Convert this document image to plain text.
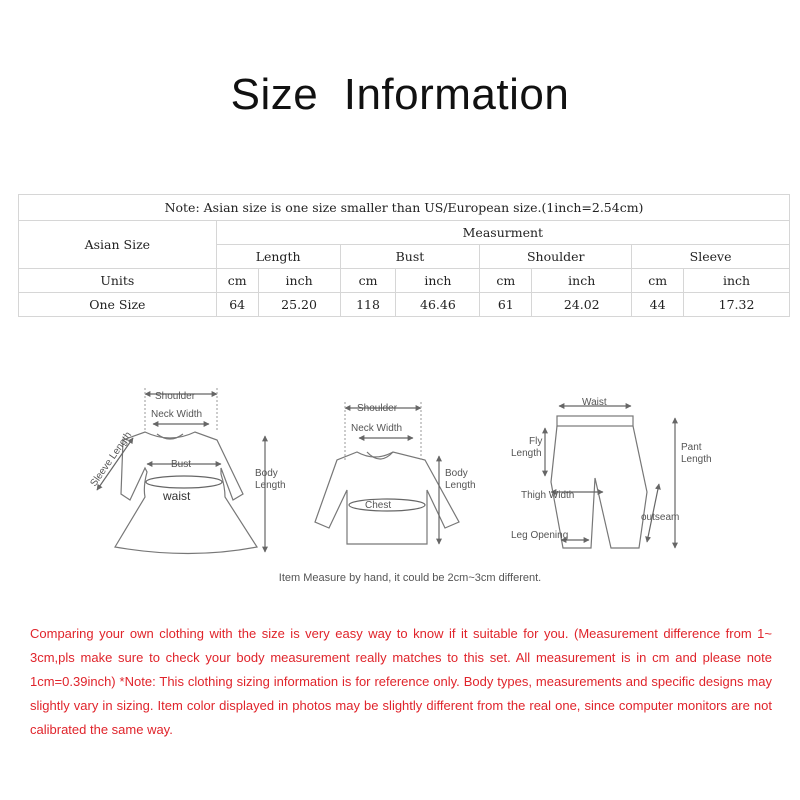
Size  Information
Note: Asian size is one size smaller than US/European size.(1inch=2.54cm)								
Asian Size	Measurment							
	Length		Bust		Shoulder		Sleeve	
Units	cm	inch	cm	inch	cm	inch	cm	inch
One Size	64	25.20	118	46.46	61	24.02	44	17.32
Shoulder
Neck Width
Sleeve Length	Bust
waist
Body
Length
Shoulder
Neck Width
Chest
Body
Length
Waist
Fly
Length
Pant
Length
Thigh Width
outseam
Leg Opening
Item Measure by hand, it could be 2cm~3cm different.
Comparing your own clothing with the size is very easy way to know if it suitable for you. (Measurement difference from 1~ 3cm,pls make sure to check your body measurement really matches to this set. All measurement is in cm and please note 1cm=0.39inch) *Note: This clothing sizing information is for reference only. Body types, measurements and specific designs may slightly vary in sizing. Item color displayed in photos may be slightly different from the real one, since computer monitors are not calibrated the same way.
